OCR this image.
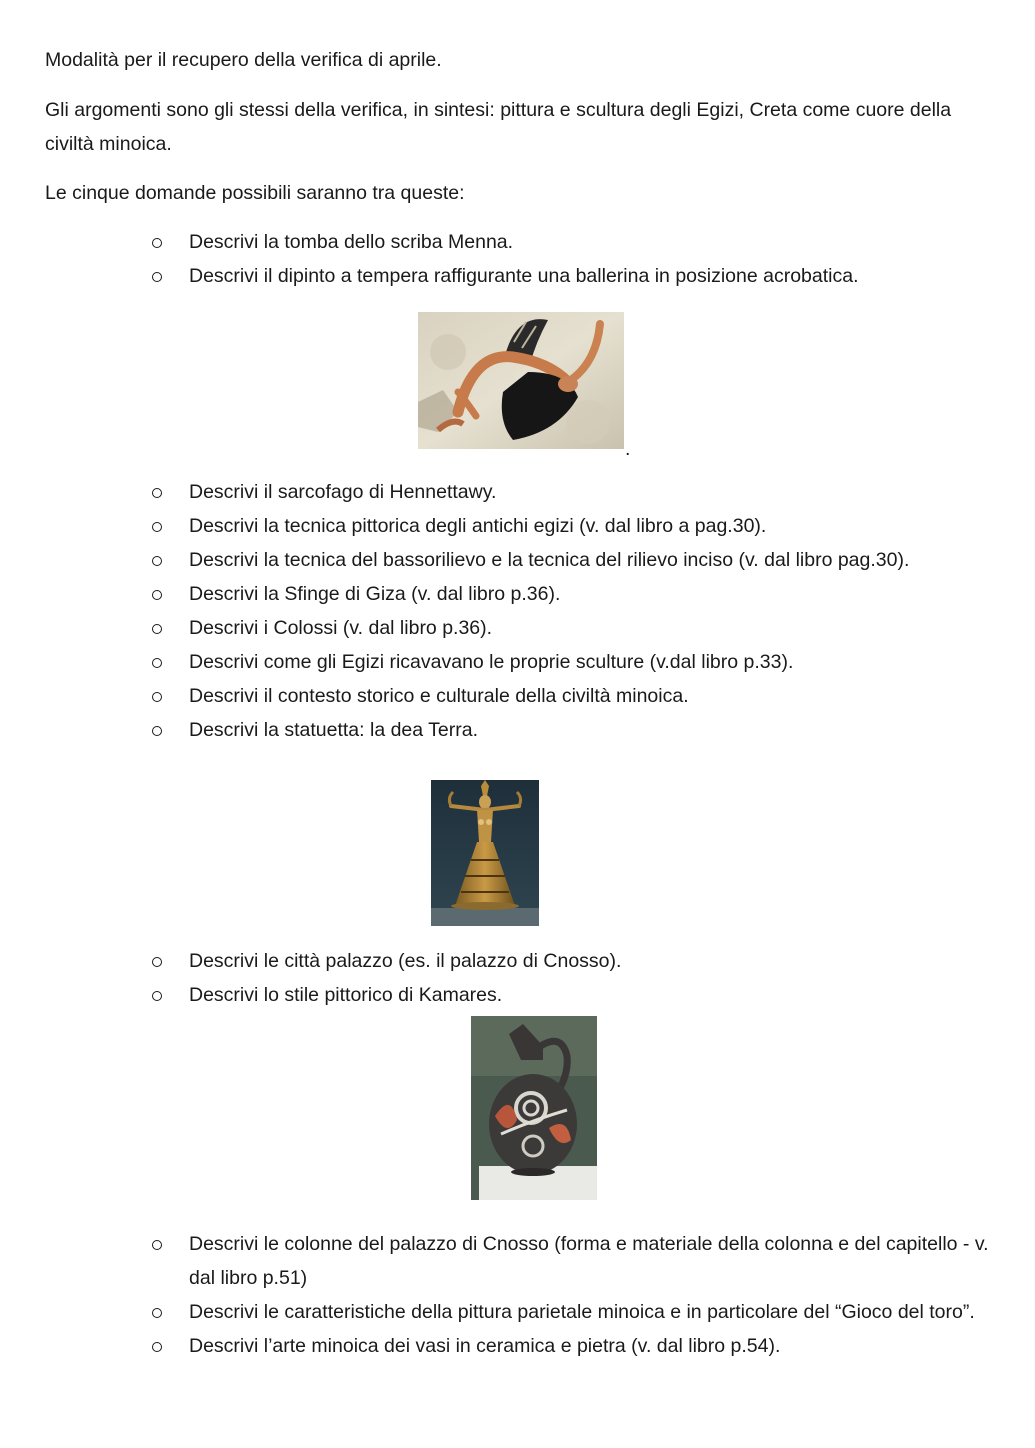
Modalità per il recupero della verifica di aprile.

Gli argomenti sono gli stessi della verifica, in sintesi: pittura e scultura degli Egizi, Creta come cuore della civiltà minoica.

Le cinque domande possibili saranno tra queste:

Descrivi la tomba dello scriba Menna.
Descrivi il dipinto a tempera raffigurante una ballerina in posizione acrobatica.
.
Descrivi il sarcofago di Hennettawy.
Descrivi la tecnica pittorica degli antichi egizi (v. dal libro a pag.30).
Descrivi la tecnica del bassorilievo e la tecnica del rilievo inciso (v. dal libro pag.30).
Descrivi la Sfinge di Giza (v. dal libro p.36).
Descrivi i Colossi (v. dal libro p.36).
Descrivi come gli Egizi ricavavano le proprie sculture (v.dal libro p.33).
Descrivi il contesto storico e culturale della civiltà minoica.
Descrivi la statuetta: la dea Terra.
Descrivi le città palazzo (es. il palazzo di Cnosso).
Descrivi lo stile pittorico di Kamares.
Descrivi le colonne del palazzo di Cnosso (forma e materiale della colonna e del capitello - v. dal libro p.51)
Descrivi le caratteristiche della pittura parietale minoica e in particolare del “Gioco del toro”.
Descrivi l’arte minoica dei vasi in ceramica e pietra (v. dal libro p.54).
